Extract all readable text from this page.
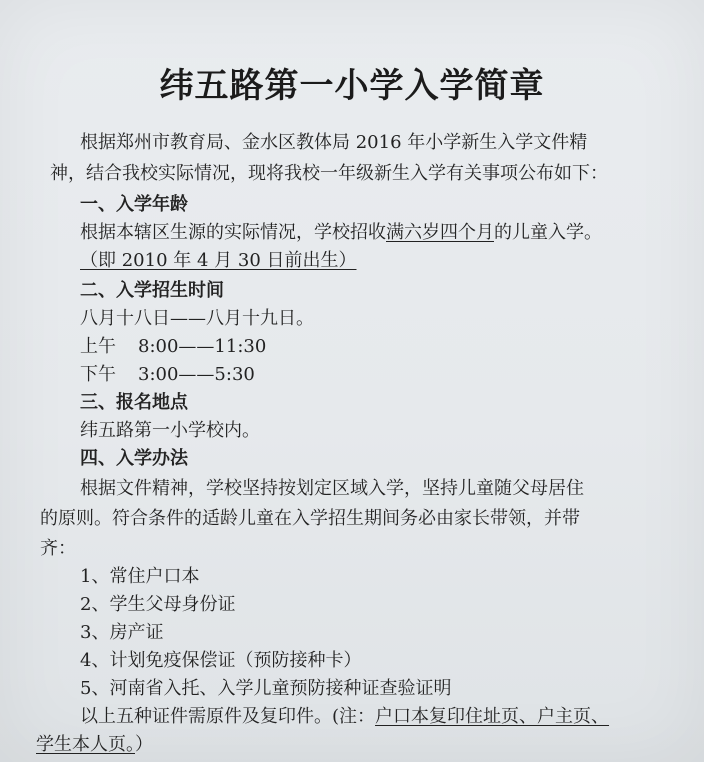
纬五路第一小学入学简章
根据郑州市教育局、金水区教体局 2016 年小学新生入学文件精
神，结合我校实际情况，现将我校一年级新生入学有关事项公布如下：
一、入学年龄
根据本辖区生源的实际情况，学校招收满六岁四个月的儿童入学。
（即 2010 年 4 月 30 日前出生）
二、入学招生时间
八月十八日——八月十九日。
上午 8:00——11:30
下午 3:00——5:30
三、报名地点
纬五路第一小学校内。
四、入学办法
根据文件精神，学校坚持按划定区域入学，坚持儿童随父母居住
的原则。符合条件的适龄儿童在入学招生期间务必由家长带领，并带
齐：
1、常住户口本
2、学生父母身份证
3、房产证
4、计划免疫保偿证（预防接种卡）
5、河南省入托、入学儿童预防接种证查验证明
以上五种证件需原件及复印件。(注：户口本复印住址页、户主页、
学生本人页。）
